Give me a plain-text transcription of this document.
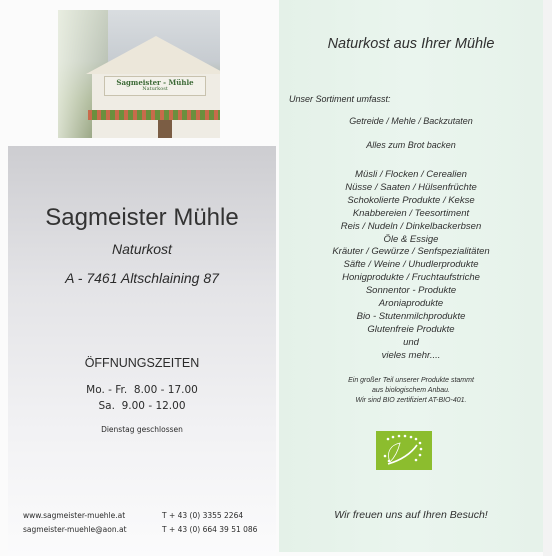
Sagmeister - Mühle
Naturkost
Sagmeister Mühle
Naturkost
A - 7461 Altschlaining 87
ÖFFNUNGSZEITEN
Mo. - Fr.  8.00 - 17.00
Sa.  9.00 - 12.00
Dienstag geschlossen
www.sagmeister-muehle.at
sagmeister-muehle@aon.at
T + 43 (0) 3355 2264
T + 43 (0) 664 39 51 086
Naturkost aus Ihrer Mühle
Unser Sortiment umfasst:
Getreide / Mehle / Backzutaten
Alles zum Brot backen
Müsli / Flocken / Cerealien
Nüsse / Saaten / Hülsenfrüchte
Schokolierte Produkte / Kekse
Knabbereien / Teesortiment
Reis / Nudeln / Dinkelbackerbsen
Öle & Essige
Kräuter / Gewürze / Senfspezialitäten
Säfte / Weine / Uhudlerprodukte
Honigprodukte / Fruchtaufstriche
Sonnentor - Produkte
Aroniaprodukte
Bio - Stutenmilchprodukte
Glutenfreie Produkte
und
vieles mehr....
Ein großer Teil unserer Produkte stammt
aus biologischem Anbau.
Wir sind BIO zertifiziert AT-BIO-401.
Wir freuen uns auf Ihren Besuch!
